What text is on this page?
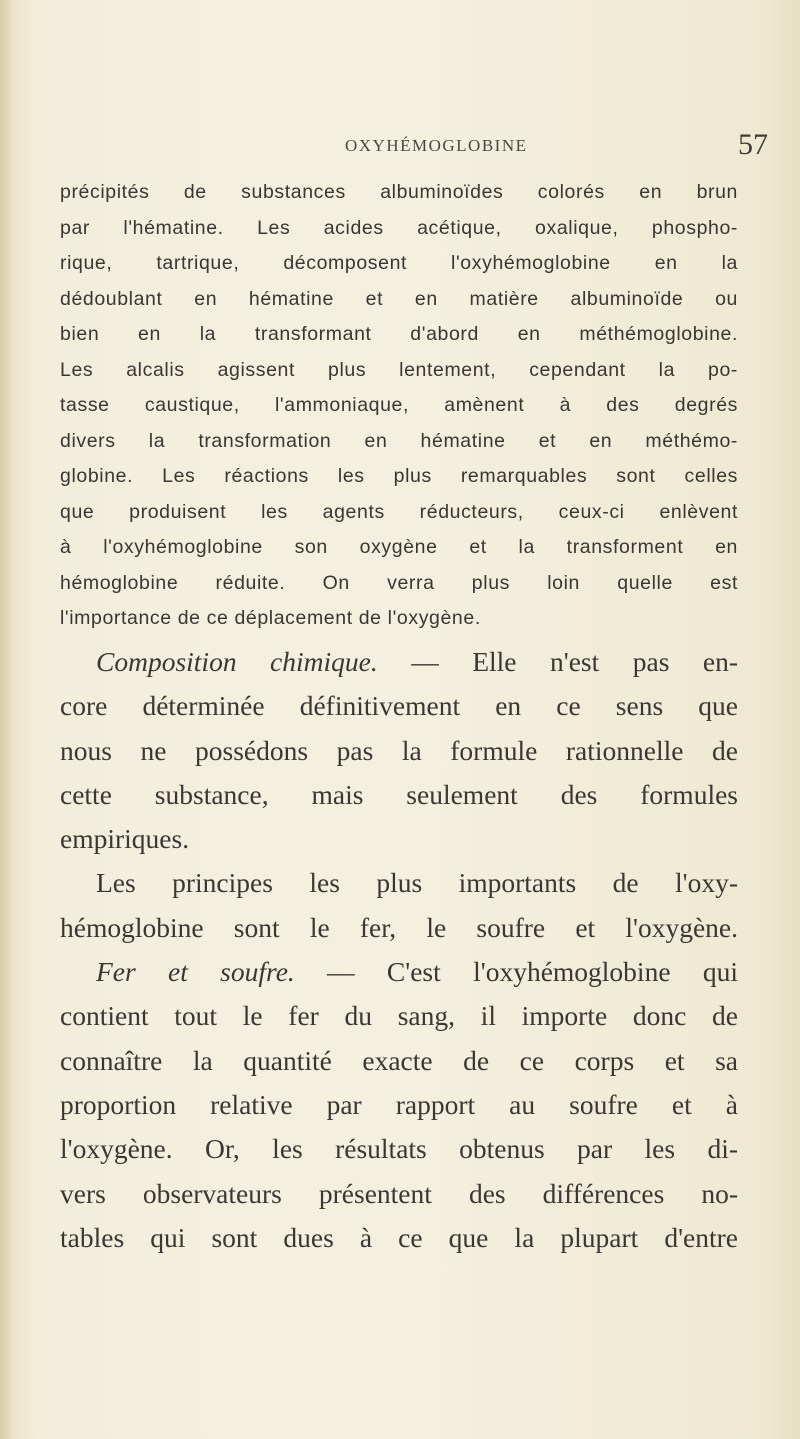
OXYHÉMOGLOBINE	57
précipités de substances albuminoïdes colorés en brun
par l'hématine. Les acides acétique, oxalique, phospho-
rique, tartrique, décomposent l'oxyhémoglobine en la
dédoublant en hématine et en matière albuminoïde ou
bien en la transformant d'abord en méthémoglobine.
Les alcalis agissent plus lentement, cependant la po-
tasse caustique, l'ammoniaque, amènent à des degrés
divers la transformation en hématine et en méthémo-
globine. Les réactions les plus remarquables sont celles
que produisent les agents réducteurs, ceux-ci enlèvent
à l'oxyhémoglobine son oxygène et la transforment en
hémoglobine réduite. On verra plus loin quelle est
l'importance de ce déplacement de l'oxygène.
Composition chimique. — Elle n'est pas en-
core déterminée définitivement en ce sens que
nous ne possédons pas la formule rationnelle de
cette substance, mais seulement des formules
empiriques.
Les principes les plus importants de l'oxy-
hémoglobine sont le fer, le soufre et l'oxygène.
Fer et soufre. — C'est l'oxyhémoglobine qui
contient tout le fer du sang, il importe donc de
connaître la quantité exacte de ce corps et sa
proportion relative par rapport au soufre et à
l'oxygène. Or, les résultats obtenus par les di-
vers observateurs présentent des différences no-
tables qui sont dues à ce que la plupart d'entre
